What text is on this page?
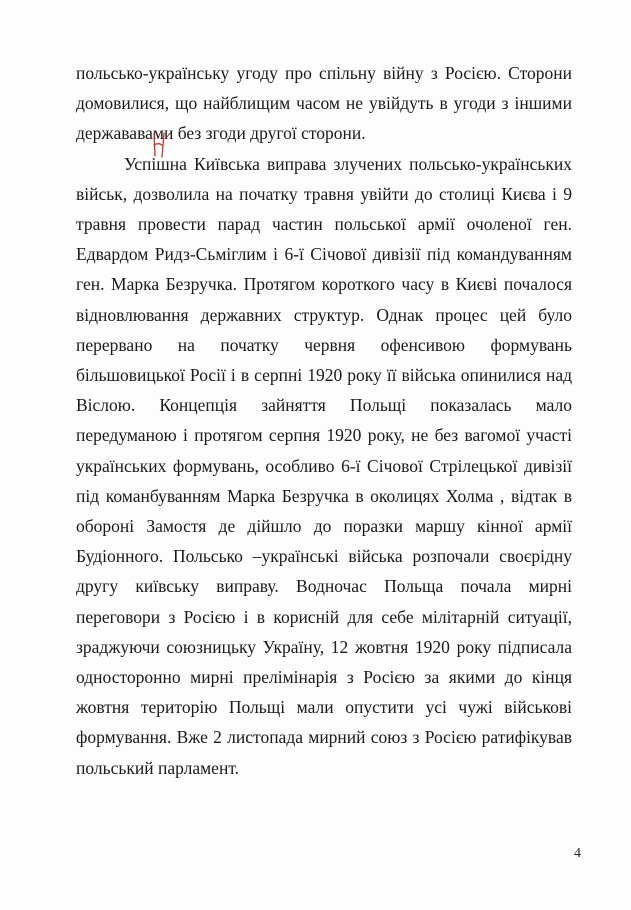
польсько-українську угоду про спільну війну з Росією. Сторони домовилися, що найблищим часом не увійдуть в угоди з іншими держававами без згоди другої сторони.

Успішна Київська виправа злучених польсько-українських військ, дозволила на початку травня увійти до столиці Києва і 9 травня провести парад частин польської армії очоленої ген. Едвардом Ридз-Сьміглим і 6-ї Січової дивізії під командуванням ген. Марка Безручка. Протягом короткого часу в Києві почалося відновлювання державних структур. Однак процес цей було перервано на початку червня офенсивою формувань більшовицької Росії і в серпні 1920 року її війська опинилися над Віслою. Концепція зайняття Польщі показалась мало передуманою і протягом серпня 1920 року, не без вагомої участі українських формувань, особливо 6-ї Січової Стрілецької дивізії під команбуванням Марка Безручка в околицях Холма , відтак в обороні Замостя де дійшло до поразки маршу кінної армії Будіонного. Польсько –українські війська розпочали своєрідну другу київську виправу. Водночас Польща почала мирні переговори з Росією і в корисній для себе мілітарній ситуації, зраджуючи союзницьку Україну, 12 жовтня 1920 року підписала односторонно мирні прелімінарія з Росією за якими до кінця жовтня територію Польщі мали опустити усі чужі військові формування. Вже 2 листопада мирний союз з Росією ратифікував польський парламент.

4
